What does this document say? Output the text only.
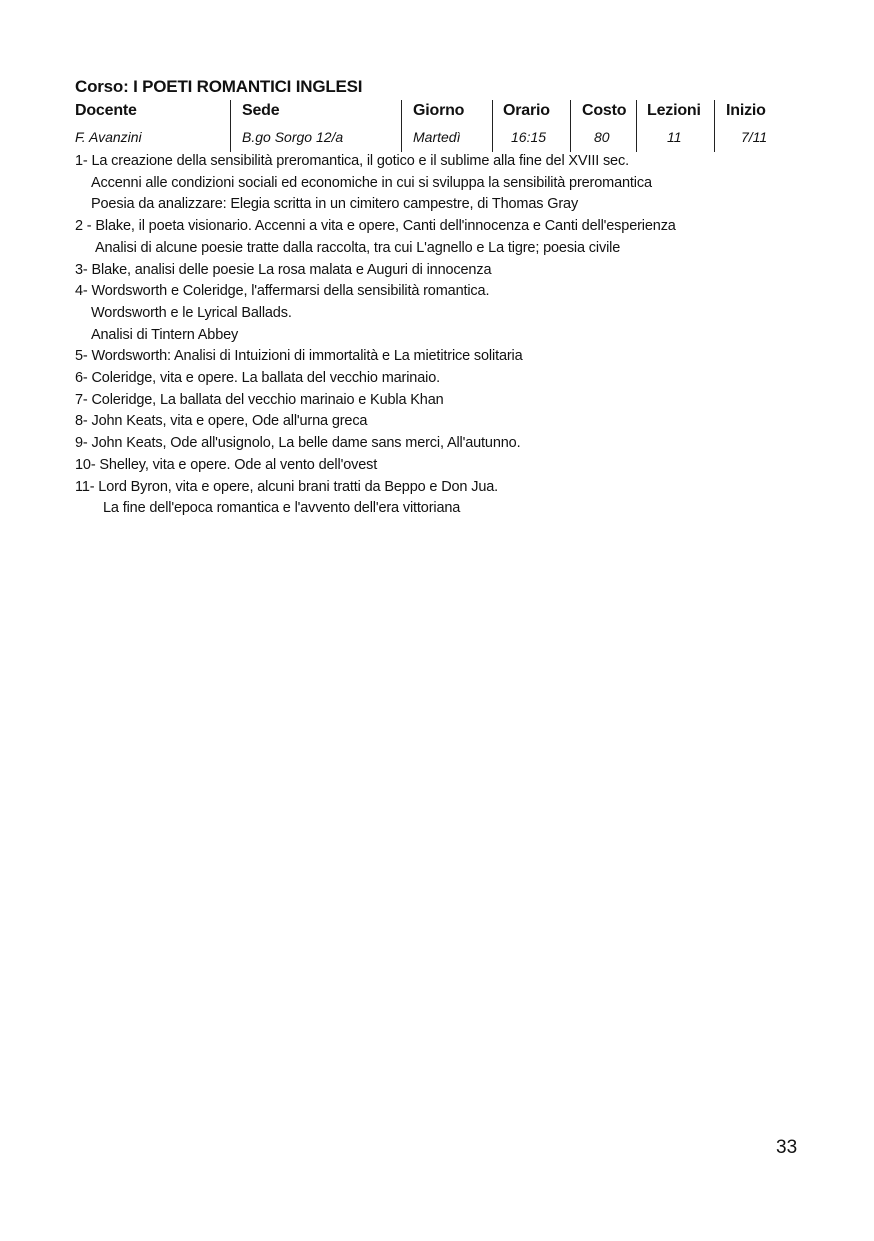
Corso: I POETI ROMANTICI INGLESI
Docente
F. Avanzini
Sede
B.go Sorgo 12/a
Giorno
Martedì
Orario
16:15
Costo
80
Lezioni
11
Inizio
7/11
1- La creazione della sensibilità preromantica, il gotico e il sublime alla fine del XVIII sec.
Accenni alle condizioni sociali ed economiche in cui si sviluppa la sensibilità preromantica
Poesia da analizzare: Elegia scritta in un cimitero campestre, di Thomas Gray
2 - Blake, il poeta visionario. Accenni a vita e opere, Canti dell'innocenza e Canti dell'esperienza
Analisi di alcune poesie tratte dalla raccolta, tra cui L'agnello e La tigre; poesia civile
3- Blake, analisi delle poesie La rosa malata e Auguri di innocenza
4- Wordsworth e Coleridge, l'affermarsi della sensibilità romantica.
Wordsworth e le Lyrical Ballads.
Analisi di Tintern Abbey
5- Wordsworth: Analisi di Intuizioni di immortalità e La mietitrice solitaria
6- Coleridge, vita e opere. La ballata del vecchio marinaio.
7- Coleridge, La ballata del vecchio marinaio e Kubla Khan
8- John Keats, vita e opere, Ode all'urna greca
9- John Keats, Ode all'usignolo, La belle dame sans merci, All'autunno.
10- Shelley, vita e opere. Ode al vento dell'ovest
11- Lord Byron, vita e opere, alcuni brani tratti da Beppo e Don Jua.
La fine dell'epoca romantica e l'avvento dell'era vittoriana
33
